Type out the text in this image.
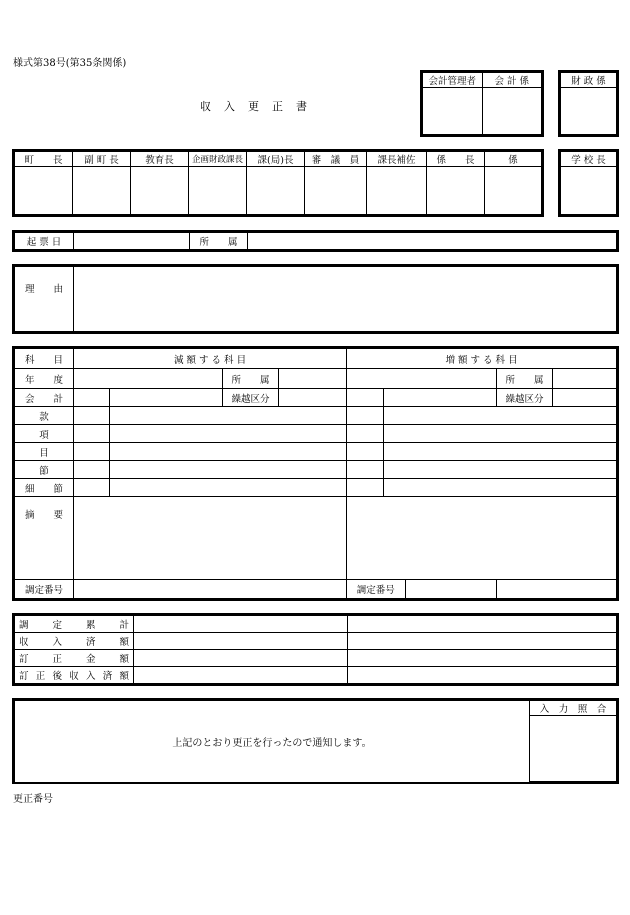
様式第38号(第35条関係)
収　入　更　正　書
会計管理者	会 計 係
		財 政 係

町　　長	副 町 長	教育長	企画財政課長	課(局)長	審　議　員	課長補佐	係　　長	係
									学 校 長

起 票 日		所　　属	
理　　由	
科　　目	減 額 す る 科 目	増 額 す る 科 目
年　　度		所　　属			所　　属	
会　　計			繰越区分				繰越区分	
款				
項				
目				
節				
細　　節				
摘　　要		
調定番号			調定番号	

調　定　累　計		
収　入　済　額		
訂　正　金　額		
訂正後収入済額		
上記のとおり更正を行ったので通知します。	入　力　照　合

更正番号
